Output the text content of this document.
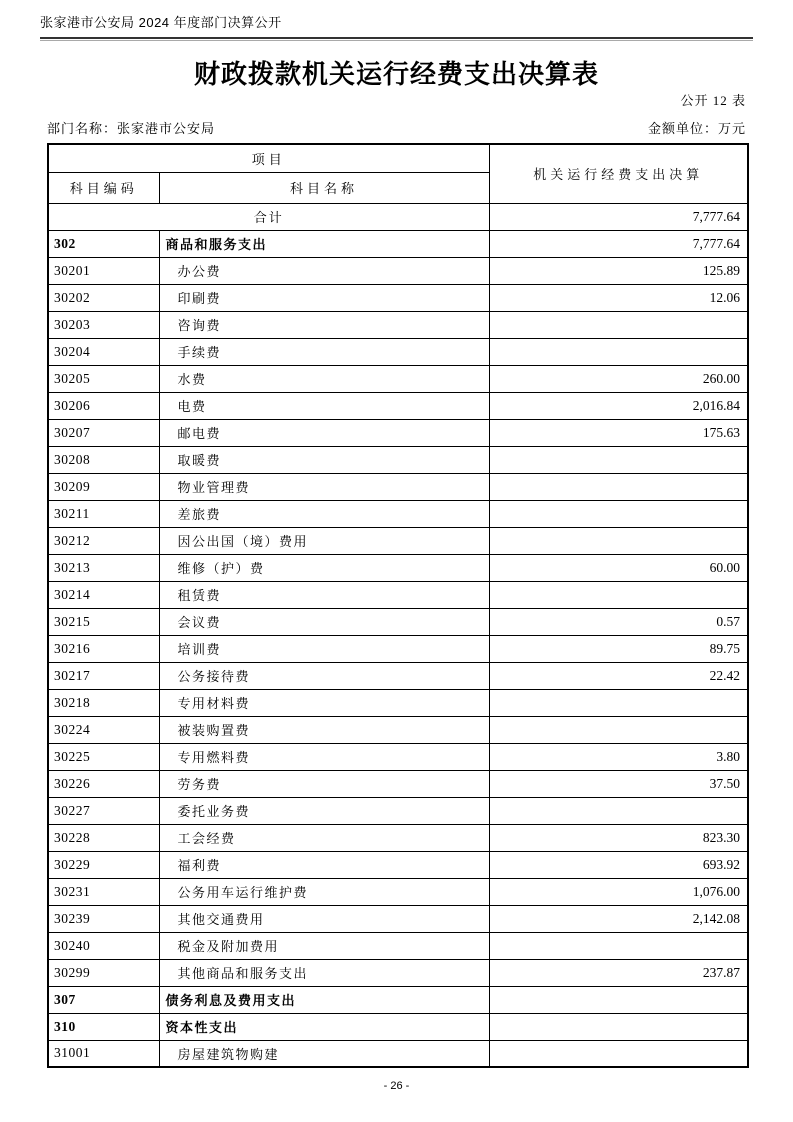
张家港市公安局 2024 年度部门决算公开
财政拨款机关运行经费支出决算表
公开 12 表
部门名称：张家港市公安局	金额单位：万元
项目		机关运行经费支出决算
科目编码	科目名称	
合计		7,777.64
302	商品和服务支出	7,777.64
30201	办公费	125.89
30202	印刷费	12.06
30203	咨询费	
30204	手续费	
30205	水费	260.00
30206	电费	2,016.84
30207	邮电费	175.63
30208	取暖费	
30209	物业管理费	
30211	差旅费	
30212	因公出国（境）费用	
30213	维修（护）费	60.00
30214	租赁费	
30215	会议费	0.57
30216	培训费	89.75
30217	公务接待费	22.42
30218	专用材料费	
30224	被装购置费	
30225	专用燃料费	3.80
30226	劳务费	37.50
30227	委托业务费	
30228	工会经费	823.30
30229	福利费	693.92
30231	公务用车运行维护费	1,076.00
30239	其他交通费用	2,142.08
30240	税金及附加费用	
30299	其他商品和服务支出	237.87
307	债务利息及费用支出	
310	资本性支出	
31001	房屋建筑物购建	
- 26 -
